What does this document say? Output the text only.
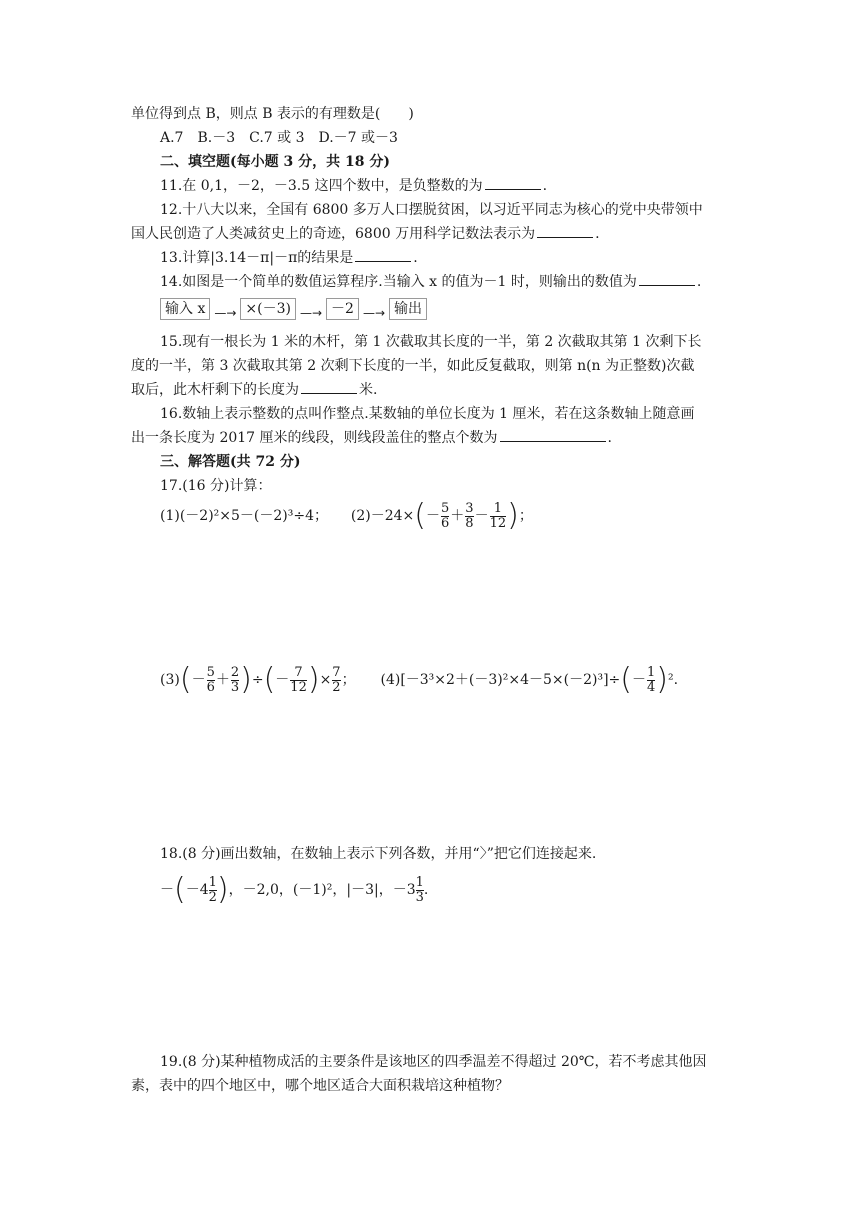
单位得到点 B，则点 B 表示的有理数是(　　)
A.7　B.－3　C.7 或 3　D.－7 或－3
二、填空题(每小题 3 分，共 18 分)
11.在 0,1，－2，－3.5 这四个数中，是负整数的为	.
12.十八大以来，全国有 6800 多万人口摆脱贫困，以习近平同志为核心的党中央带领中
国人民创造了人类减贫史上的奇迹，6800 万用科学记数法表示为	.
13.计算|3.14－π|－π的结果是	.
14.如图是一个简单的数值运算程序.当输入 x 的值为－1 时，则输出的数值为	.
输入 x —→ ×(－3) —→ －2 —→ 输出
15.现有一根长为 1 米的木杆，第 1 次截取其长度的一半，第 2 次截取其第 1 次剩下长
度的一半，第 3 次截取其第 2 次剩下长度的一半，如此反复截取，则第 n(n 为正整数)次截
取后，此木杆剩下的长度为	米.
16.数轴上表示整数的点叫作整点.某数轴的单位长度为 1 厘米，若在这条数轴上随意画
出一条长度为 2017 厘米的线段，则线段盖住的整点个数为	.
三、解答题(共 72 分)
17.(16 分)计算：
(1)(－2)²×5－(－2)³÷4； $(2)-24\times(- \frac{5}{6} + \frac{3}{8} - \frac{1}{12}$ )；
$(3)(- \frac{5}{6} + \frac{2}{3}$ )÷(－ $\frac{7}{12}$ )× $\frac{7}{2}$ ； $(4)[-3^3\times 2+(-3)^2\times 4-5\times(-2)^3]\div(- \frac{1}{4} )^2$.
18.(8 分)画出数轴，在数轴上表示下列各数，并用“〉”把它们连接起来.
$-(-4 \frac{1}{2}$ )，－2,0，(－1)²，|－3|，$-3 \frac{1}{3}$ .
19.(8 分)某种植物成活的主要条件是该地区的四季温差不得超过 20℃，若不考虑其他因
素，表中的四个地区中，哪个地区适合大面积栽培这种植物？
